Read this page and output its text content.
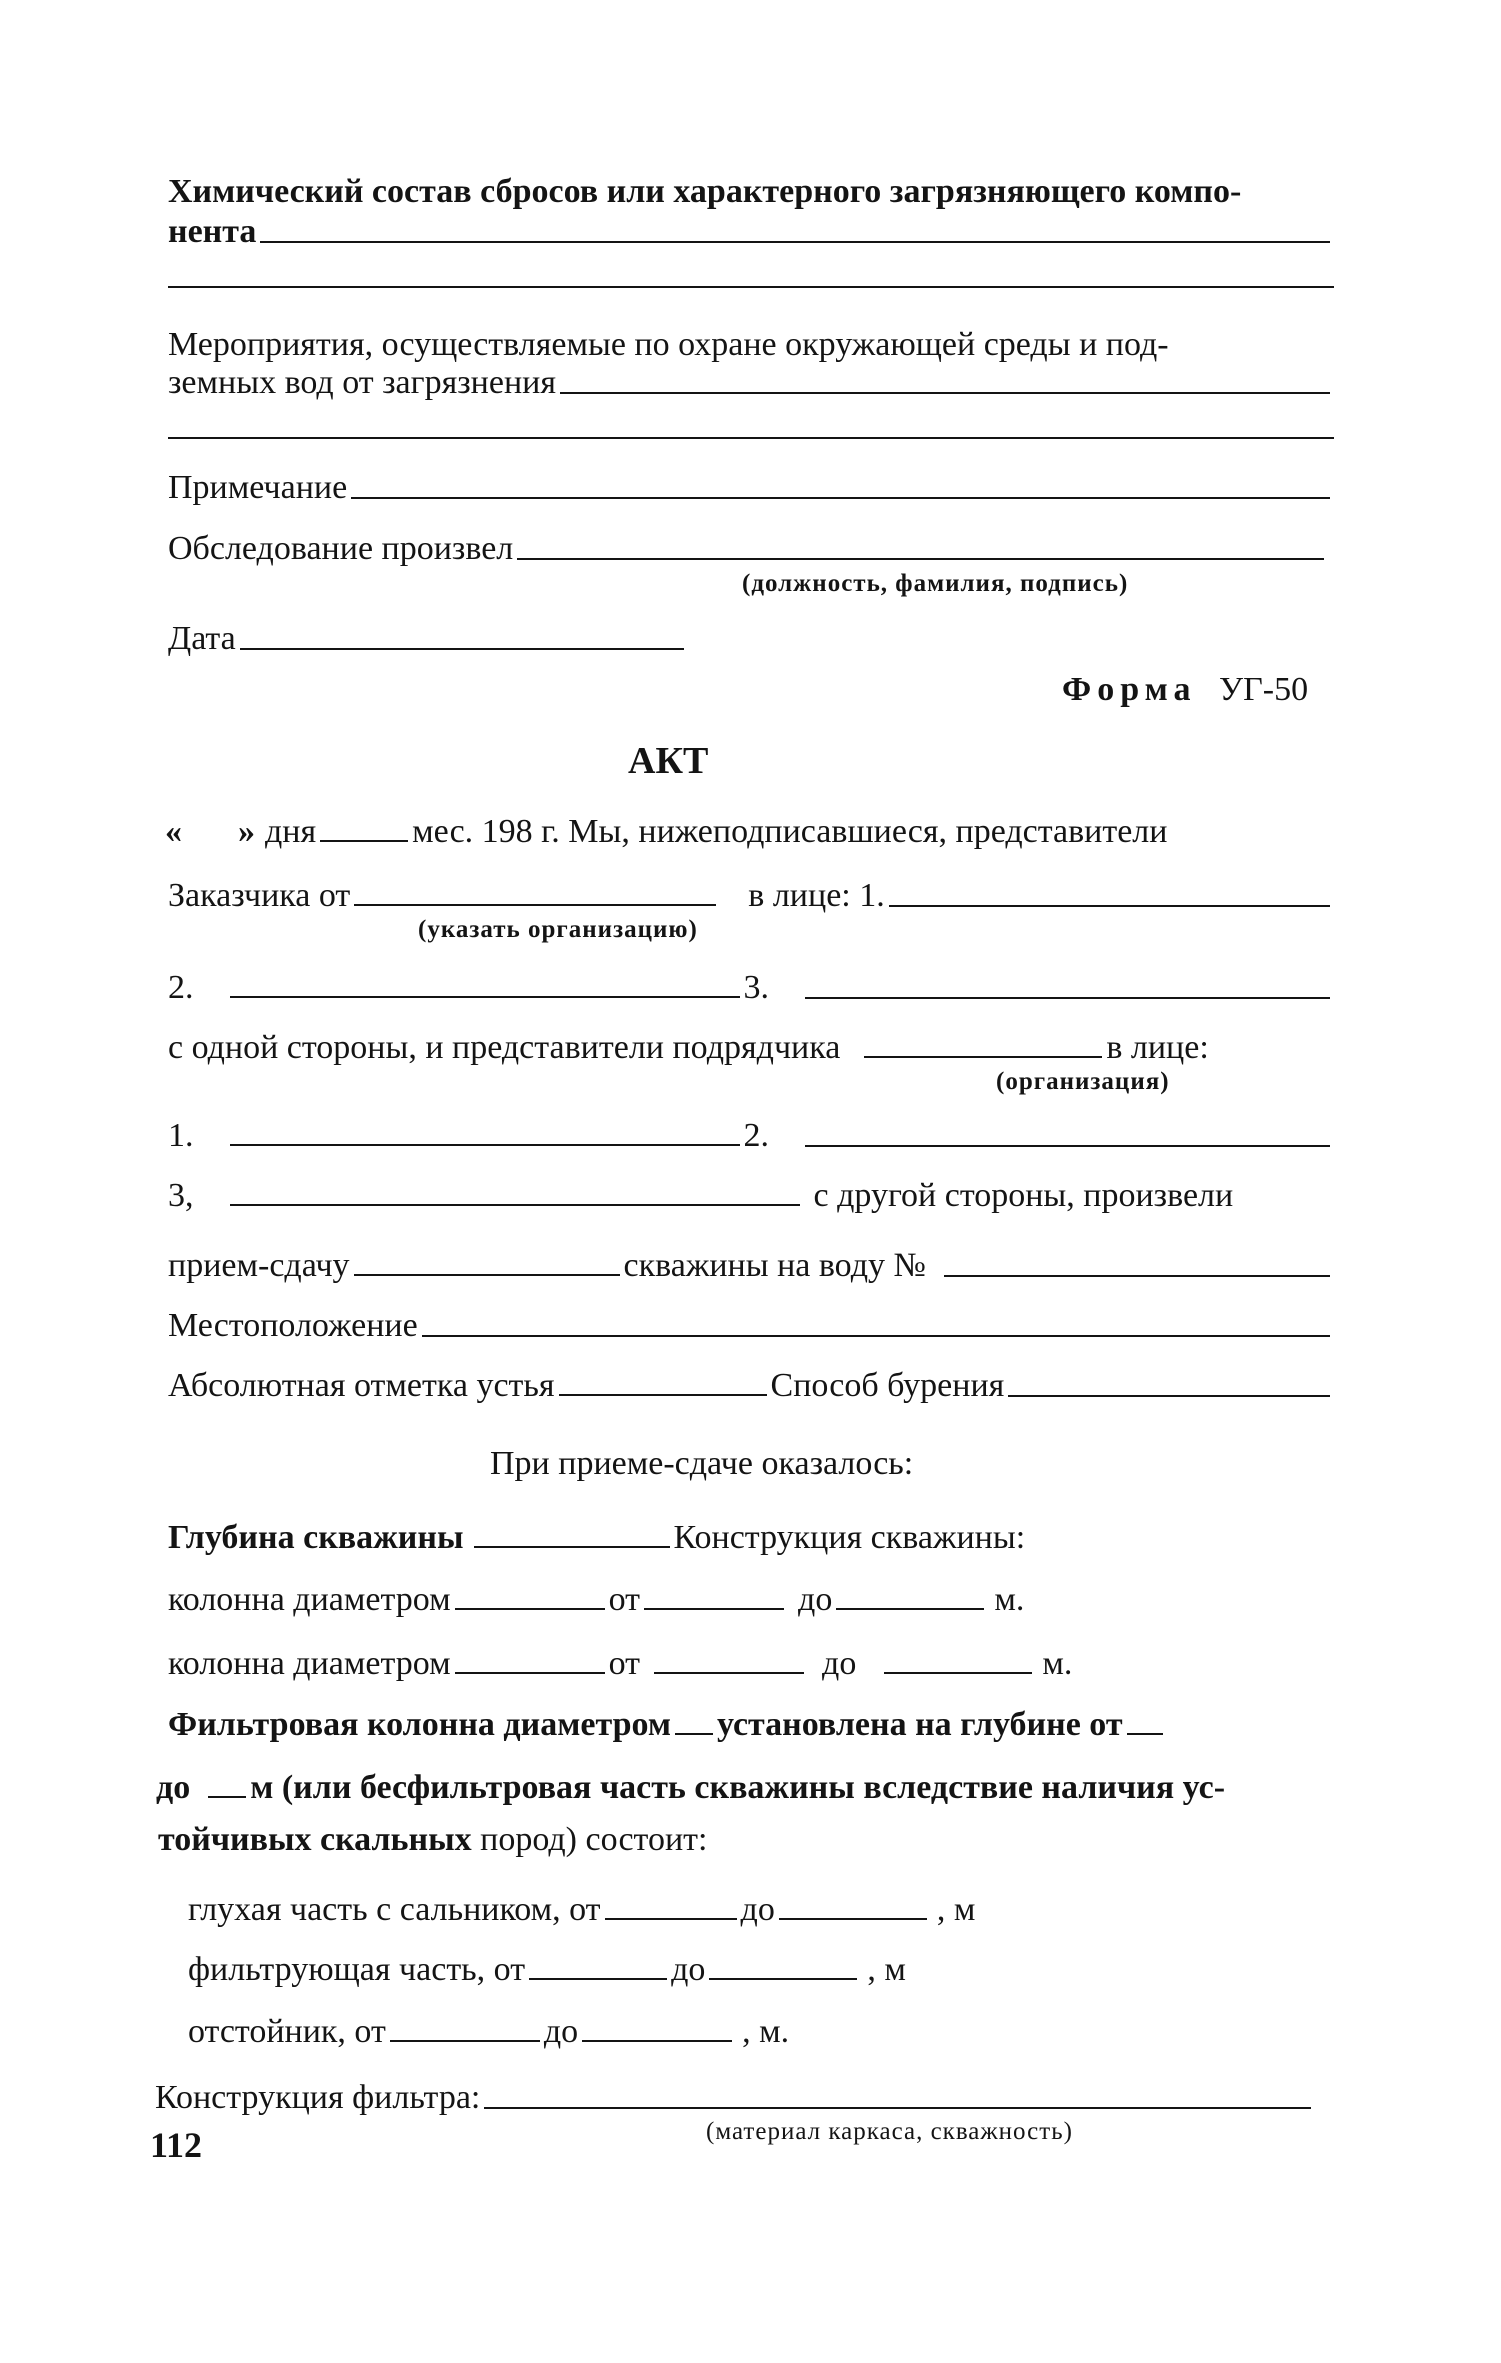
Химический состав сбросов или характерного загрязняющего компо-
нента
Мероприятия, осуществляемые по охране окружающей среды и под-
земных вод от загрязнения
Примечание
Обследование произвел
(должность, фамилия, подпись)
Дата
Форма УГ-50
АКТ
« » дня	мес. 198 г. Мы, нижеподписавшиеся, представители
Заказчика от	в лице: 1.
(указать организацию)
2.	3.
с одной стороны, и представители подрядчика	в лице:
(организация)
1.	2.
3,	с другой стороны, произвели
прием-сдачу	скважины на воду №
Местоположение
Абсолютная отметка устья	Способ бурения
При приеме-сдаче оказалось:
Глубина скважины	Конструкция скважины:
колонна диаметром	от	до	м.
колонна диаметром	от	до	м.
Фильтровая колонна диаметром установлена на глубине от
до м (или бесфильтровая часть скважины вследствие наличия ус-
тойчивых скальных пород) состоит:
глухая часть с сальником, от	до	, м
фильтрующая часть, от	до	, м
отстойник, от	до	, м.
Конструкция фильтра:
(материал каркаса, скважность)
112
